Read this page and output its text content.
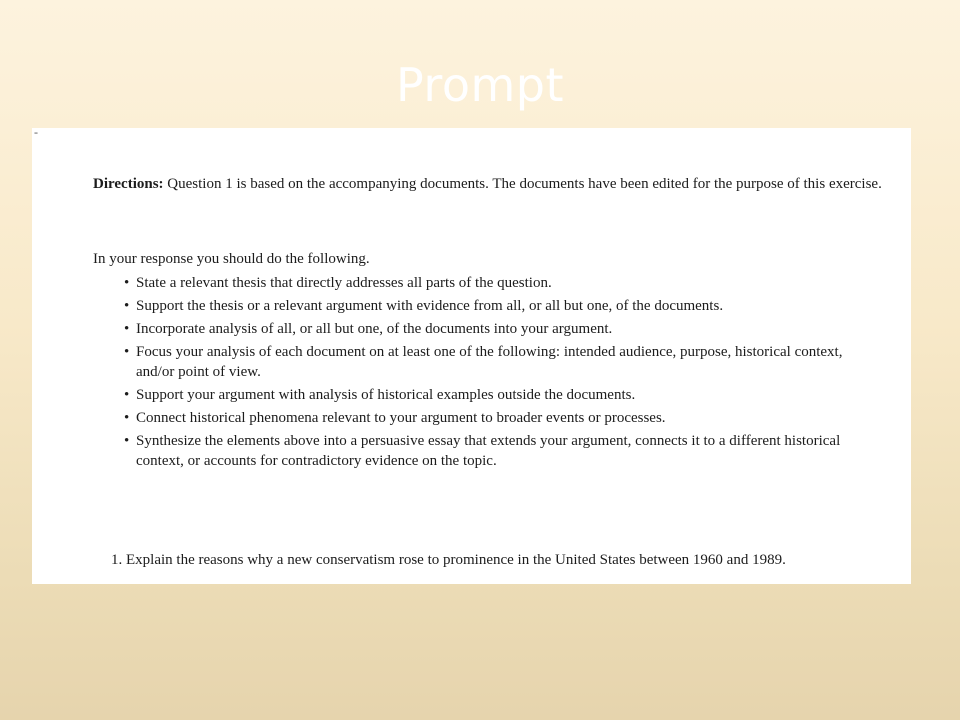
Prompt
-

Directions: Question 1 is based on the accompanying documents. The documents have been edited for the purpose of this exercise.

In your response you should do the following.

• State a relevant thesis that directly addresses all parts of the question.
• Support the thesis or a relevant argument with evidence from all, or all but one, of the documents.
• Incorporate analysis of all, or all but one, of the documents into your argument.
• Focus your analysis of each document on at least one of the following: intended audience, purpose, historical context, and/or point of view.
• Support your argument with analysis of historical examples outside the documents.
• Connect historical phenomena relevant to your argument to broader events or processes.
• Synthesize the elements above into a persuasive essay that extends your argument, connects it to a different historical context, or accounts for contradictory evidence on the topic.

1. Explain the reasons why a new conservatism rose to prominence in the United States between 1960 and 1989.
